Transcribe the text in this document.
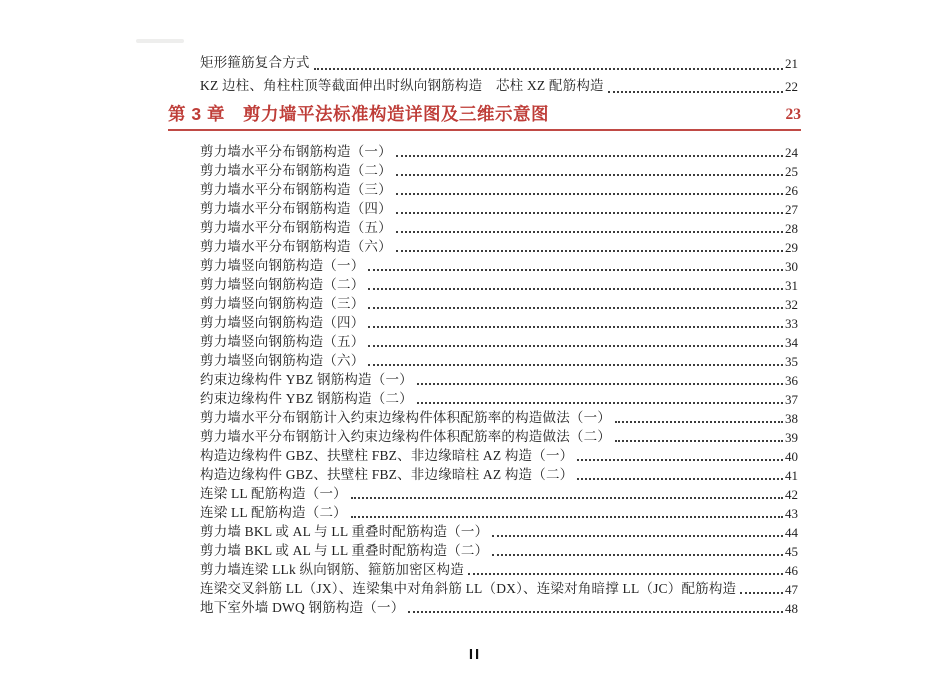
矩形箍筋复合方式	21
KZ 边柱、角柱柱顶等截面伸出时纵向钢筋构造　芯柱 XZ 配筋构造	22
第 3 章　剪力墙平法标准构造详图及三维示意图	23
剪力墙水平分布钢筋构造（一）	24
剪力墙水平分布钢筋构造（二）	25
剪力墙水平分布钢筋构造（三）	26
剪力墙水平分布钢筋构造（四）	27
剪力墙水平分布钢筋构造（五）	28
剪力墙水平分布钢筋构造（六）	29
剪力墙竖向钢筋构造（一）	30
剪力墙竖向钢筋构造（二）	31
剪力墙竖向钢筋构造（三）	32
剪力墙竖向钢筋构造（四）	33
剪力墙竖向钢筋构造（五）	34
剪力墙竖向钢筋构造（六）	35
约束边缘构件 YBZ 钢筋构造（一）	36
约束边缘构件 YBZ 钢筋构造（二）	37
剪力墙水平分布钢筋计入约束边缘构件体积配筋率的构造做法（一）	38
剪力墙水平分布钢筋计入约束边缘构件体积配筋率的构造做法（二）	39
构造边缘构件 GBZ、扶壁柱 FBZ、非边缘暗柱 AZ 构造（一）	40
构造边缘构件 GBZ、扶壁柱 FBZ、非边缘暗柱 AZ 构造（二）	41
连梁 LL 配筋构造（一）	42
连梁 LL 配筋构造（二）	43
剪力墙 BKL 或 AL 与 LL 重叠时配筋构造（一）	44
剪力墙 BKL 或 AL 与 LL 重叠时配筋构造（二）	45
剪力墙连梁 LLk 纵向钢筋、箍筋加密区构造	46
连梁交叉斜筋 LL（JX）、连梁集中对角斜筋 LL（DX）、连梁对角暗撑 LL（JC）配筋构造	47
地下室外墙 DWQ 钢筋构造（一）	48
II
